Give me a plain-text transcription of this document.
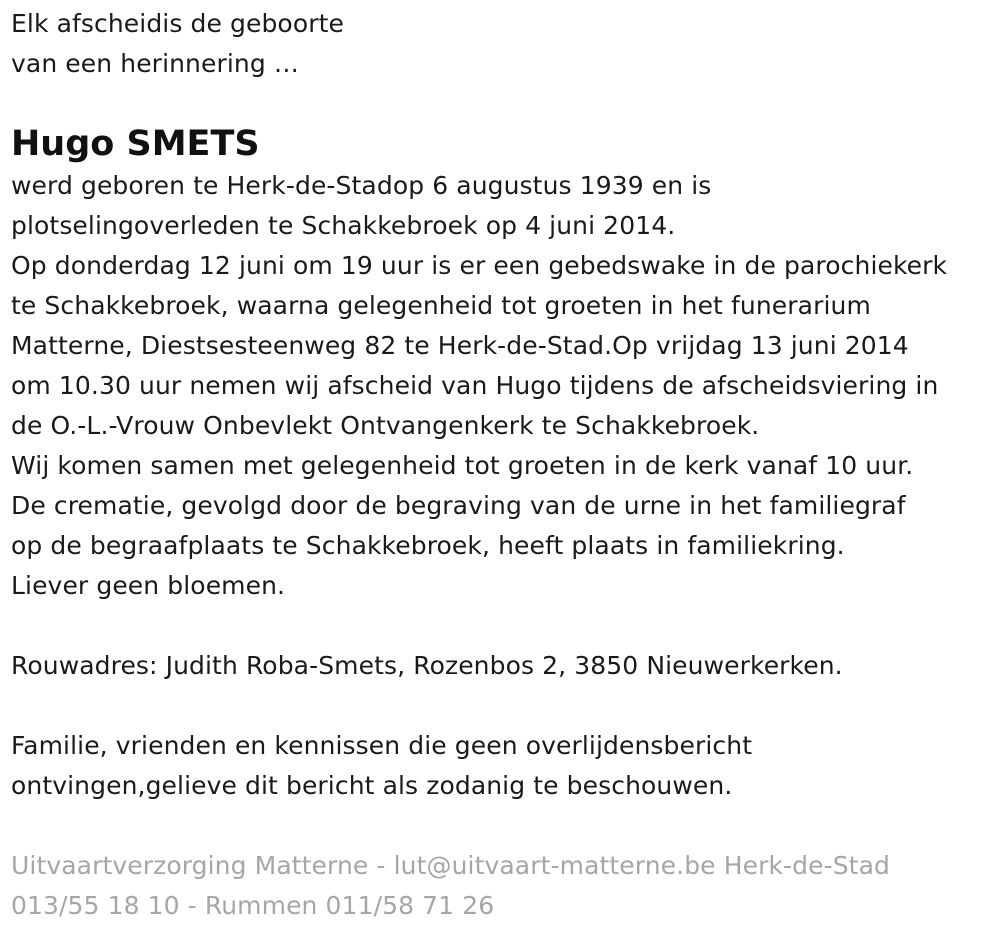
Elk afscheidis de geboorte
van een herinnering …
Hugo SMETS
werd geboren te Herk-de-Stadop 6 augustus 1939 en is
plotselingoverleden te Schakkebroek op 4 juni 2014.
Op donderdag 12 juni om 19 uur is er een gebedswake in de parochiekerk
te Schakkebroek, waarna gelegenheid tot groeten in het funerarium
Matterne, Diestsesteenweg 82 te Herk-de-Stad.Op vrijdag 13 juni 2014
om 10.30 uur nemen wij afscheid van Hugo tijdens de afscheidsviering in
de O.-L.-Vrouw Onbevlekt Ontvangenkerk te Schakkebroek.
Wij komen samen met gelegenheid tot groeten in de kerk vanaf 10 uur.
De crematie, gevolgd door de begraving van de urne in het familiegraf
op de begraafplaats te Schakkebroek, heeft plaats in familiekring.
Liever geen bloemen.
Rouwadres: Judith Roba-Smets, Rozenbos 2, 3850 Nieuwerkerken.
Familie, vrienden en kennissen die geen overlijdensbericht
ontvingen,gelieve dit bericht als zodanig te beschouwen.
Uitvaartverzorging Matterne - lut@uitvaart-matterne.be Herk-de-Stad
013/55 18 10 - Rummen 011/58 71 26
